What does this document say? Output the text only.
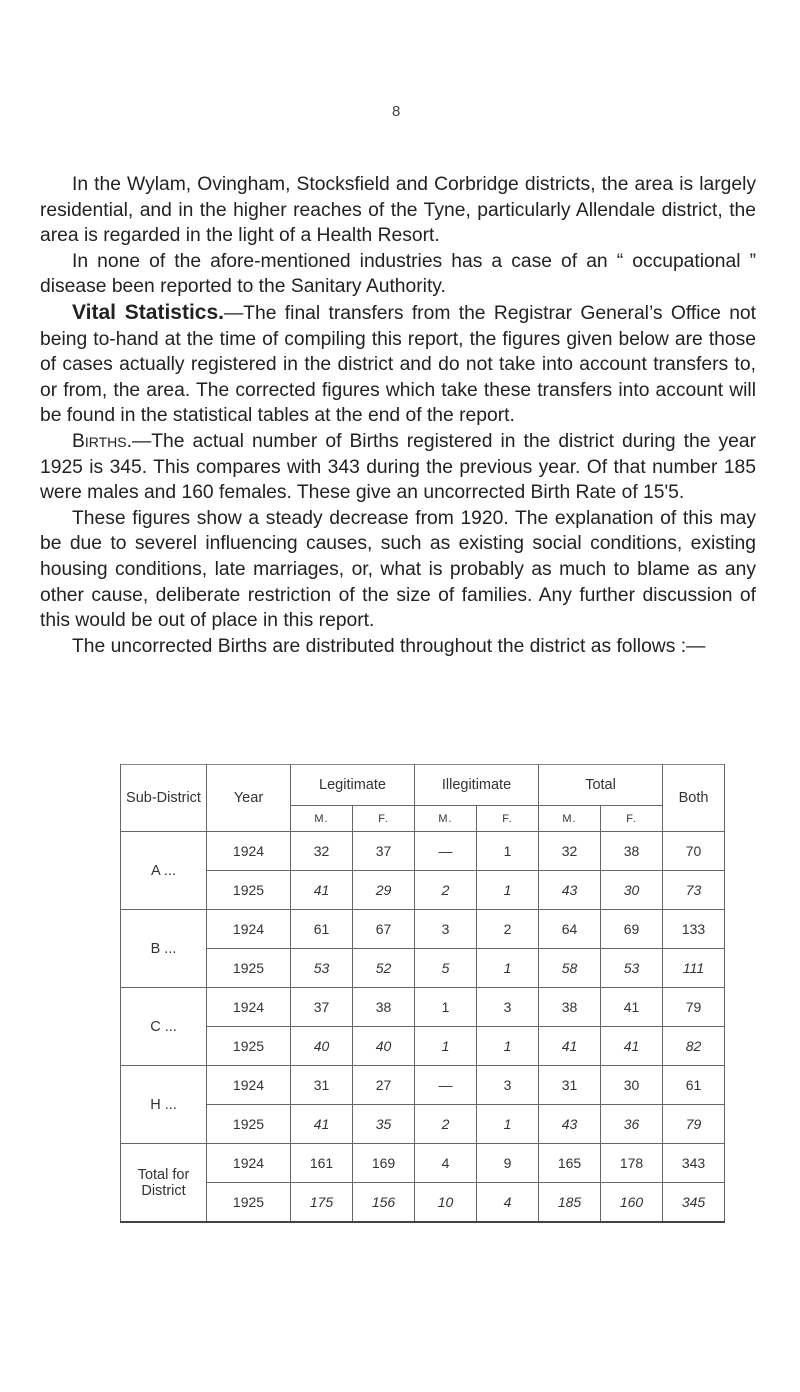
8

In the Wylam, Ovingham, Stocksfield and Corbridge districts, the area is largely residential, and in the higher reaches of the Tyne, particularly Allendale district, the area is regarded in the light of a Health Resort.

In none of the afore-mentioned industries has a case of an “ occupational ” disease been reported to the Sanitary Authority.

Vital Statistics.—The final transfers from the Registrar General’s Office not being to-hand at the time of compiling this report, the figures given below are those of cases actually registered in the district and do not take into account transfers to, or from, the area. The corrected figures which take these transfers into account will be found in the statistical tables at the end of the report.

Births.—The actual number of Births registered in the district during the year 1925 is 345. This compares with 343 during the previous year. Of that number 185 were males and 160 females. These give an uncorrected Birth Rate of 15'5.

These figures show a steady decrease from 1920. The explanation of this may be due to severel influencing causes, such as existing social conditions, existing housing conditions, late marriages, or, what is probably as much to blame as any other cause, deliberate restriction of the size of families. Any further discussion of this would be out of place in this report.

The uncorrected Births are distributed throughout the district as follows :—

Sub-District	Year	Legitimate		Illegitimate		Total		Both
		M.	F.	M.	F.	M.	F.	
A ...	1924	32	37	—	1	32	38	70
	1925	41	29	2	1	43	30	73
B ...	1924	61	67	3	2	64	69	133
	1925	53	52	5	1	58	53	111
C ...	1924	37	38	1	3	38	41	79
	1925	40	40	1	1	41	41	82
H ...	1924	31	27	—	3	31	30	61
	1925	41	35	2	1	43	36	79
Total for District	1924	161	169	4	9	165	178	343
	1925	175	156	10	4	185	160	345
